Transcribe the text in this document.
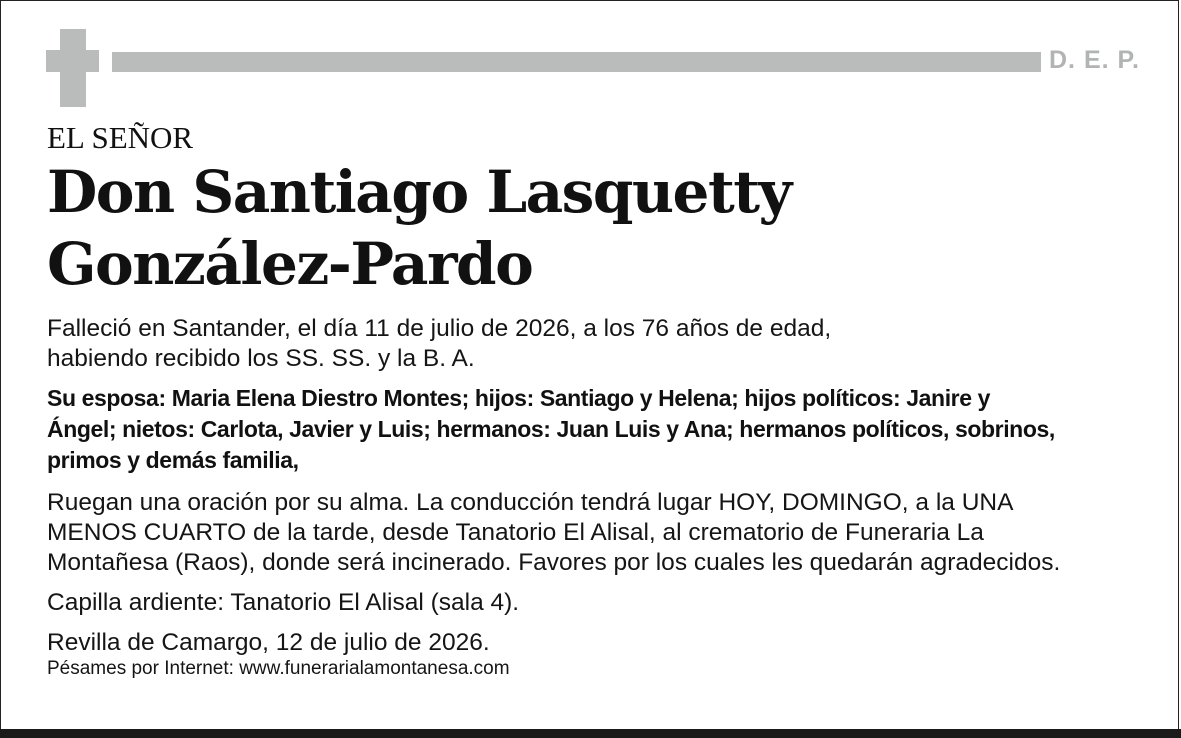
D. E. P.

EL SEÑOR

Don Santiago Lasquetty
González-Pardo

Falleció en Santander, el día 11 de julio de 2026, a los 76 años de edad,
habiendo recibido los SS. SS. y la B. A.

Su esposa: Maria Elena Diestro Montes; hijos: Santiago y Helena; hijos políticos: Janire y
Ángel; nietos: Carlota, Javier y Luis; hermanos: Juan Luis y Ana; hermanos políticos, sobrinos,
primos y demás familia,

Ruegan una oración por su alma. La conducción tendrá lugar HOY, DOMINGO, a la UNA
MENOS CUARTO de la tarde, desde Tanatorio El Alisal, al crematorio de Funeraria La
Montañesa (Raos), donde será incinerado. Favores por los cuales les quedarán agradecidos.

Capilla ardiente: Tanatorio El Alisal (sala 4).

Revilla de Camargo, 12 de julio de 2026.

Pésames por Internet: www.funerarialamontanesa.com
